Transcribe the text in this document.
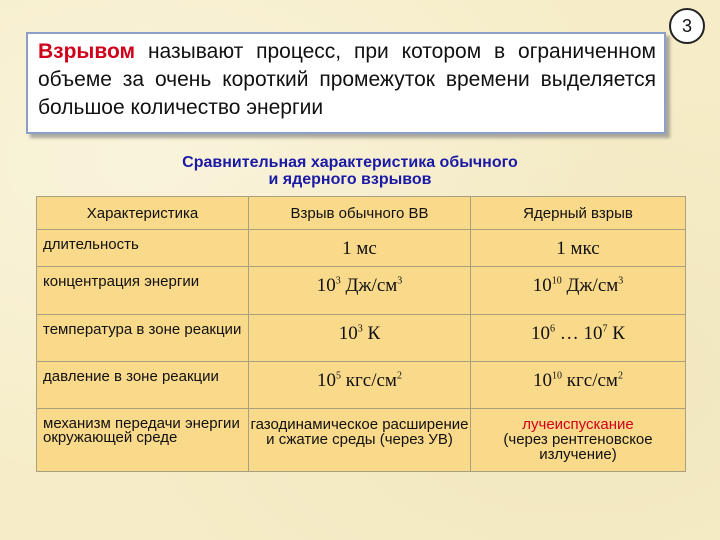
3
Взрывом называют процесс, при котором в ограниченном объеме за очень короткий промежуток времени выделяется большое количество энергии
Сравнительная характеристика обычного
и ядерного взрывов
Характеристика	Взрыв обычного ВВ	Ядерный взрыв
длительность	1 мс	1 мкс
концентрация энергии	$10^3$ $Дж/см^3$	$10^{10}$ $Дж/см^3$
температура в зоне реакции	$10^3$ К	$10^6$ … $10^7$ К
давление в зоне реакции	$10^5$ кгс/$см^2$	$10^{10}$ кгс/$см^2$
механизм передачи энергии окружающей среде	газодинамическое расширение и сжатие среды (через УВ)	лучеиспускание
(через рентгеновское излучение)
